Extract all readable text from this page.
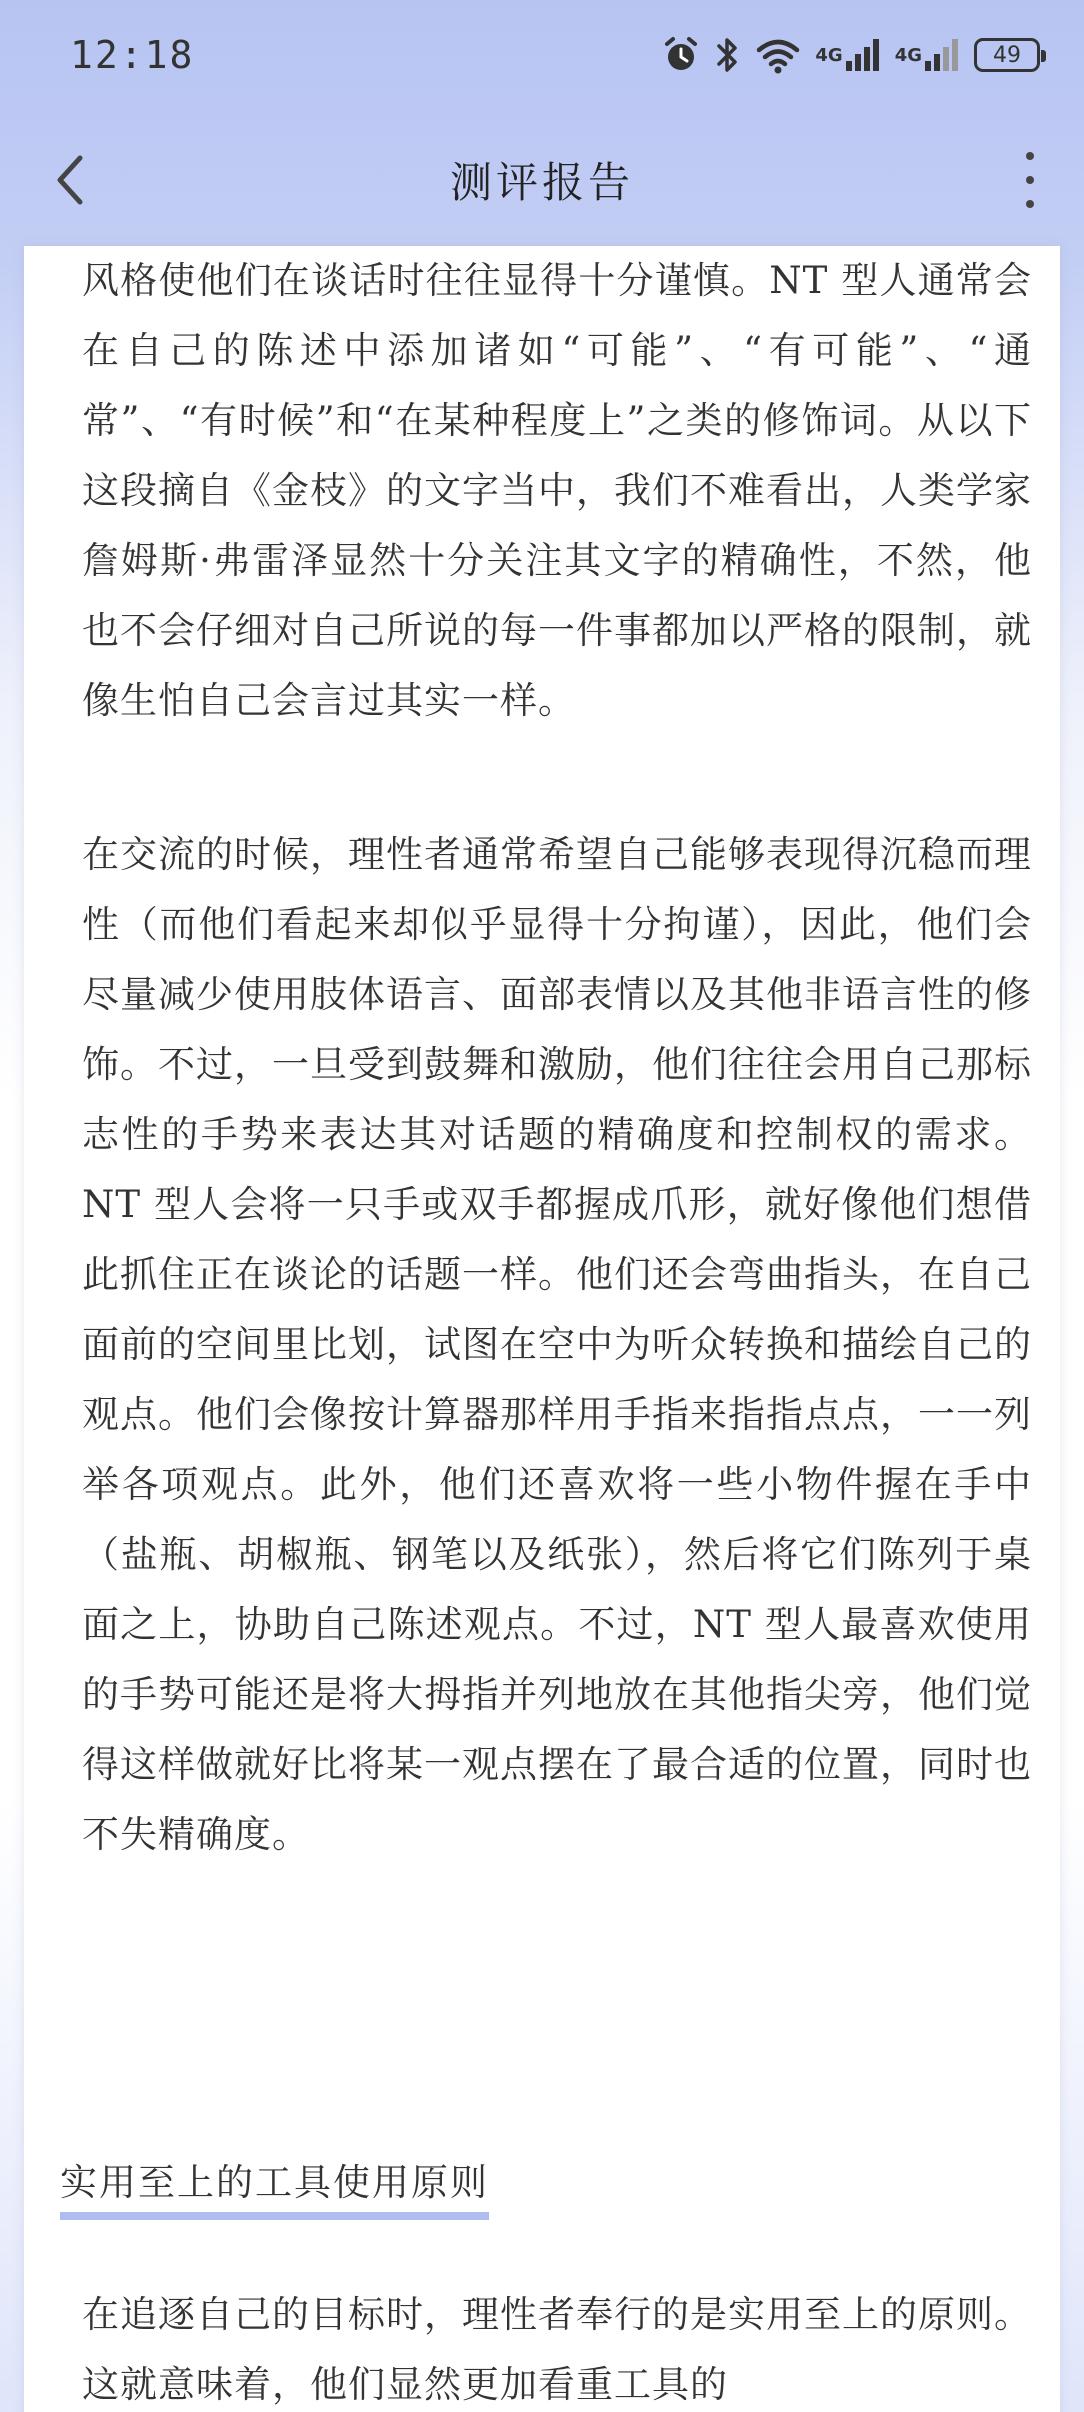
12:18	4G	4G	49
测评报告

风格使他们在谈话时往往显得十分谨慎。NT 型人通常会在自己的陈述中添加诸如“可能”、“有可能”、“通常”、“有时候”和“在某种程度上”之类的修饰词。从以下这段摘自《金枝》的文字当中，我们不难看出，人类学家詹姆斯·弗雷泽显然十分关注其文字的精确性，不然，他也不会仔细对自己所说的每一件事都加以严格的限制，就像生怕自己会言过其实一样。

在交流的时候，理性者通常希望自己能够表现得沉稳而理性（而他们看起来却似乎显得十分拘谨），因此，他们会尽量减少使用肢体语言、面部表情以及其他非语言性的修饰。不过，一旦受到鼓舞和激励，他们往往会用自己那标志性的手势来表达其对话题的精确度和控制权的需求。NT 型人会将一只手或双手都握成爪形，就好像他们想借此抓住正在谈论的话题一样。他们还会弯曲指头，在自己面前的空间里比划，试图在空中为听众转换和描绘自己的观点。他们会像按计算器那样用手指来指指点点，一一列举各项观点。此外，他们还喜欢将一些小物件握在手中（盐瓶、胡椒瓶、钢笔以及纸张），然后将它们陈列于桌面之上，协助自己陈述观点。不过，NT 型人最喜欢使用的手势可能还是将大拇指并列地放在其他指尖旁，他们觉得这样做就好比将某一观点摆在了最合适的位置，同时也不失精确度。

实用至上的工具使用原则

在追逐自己的目标时，理性者奉行的是实用至上的原则。这就意味着，他们显然更加看重工具的
